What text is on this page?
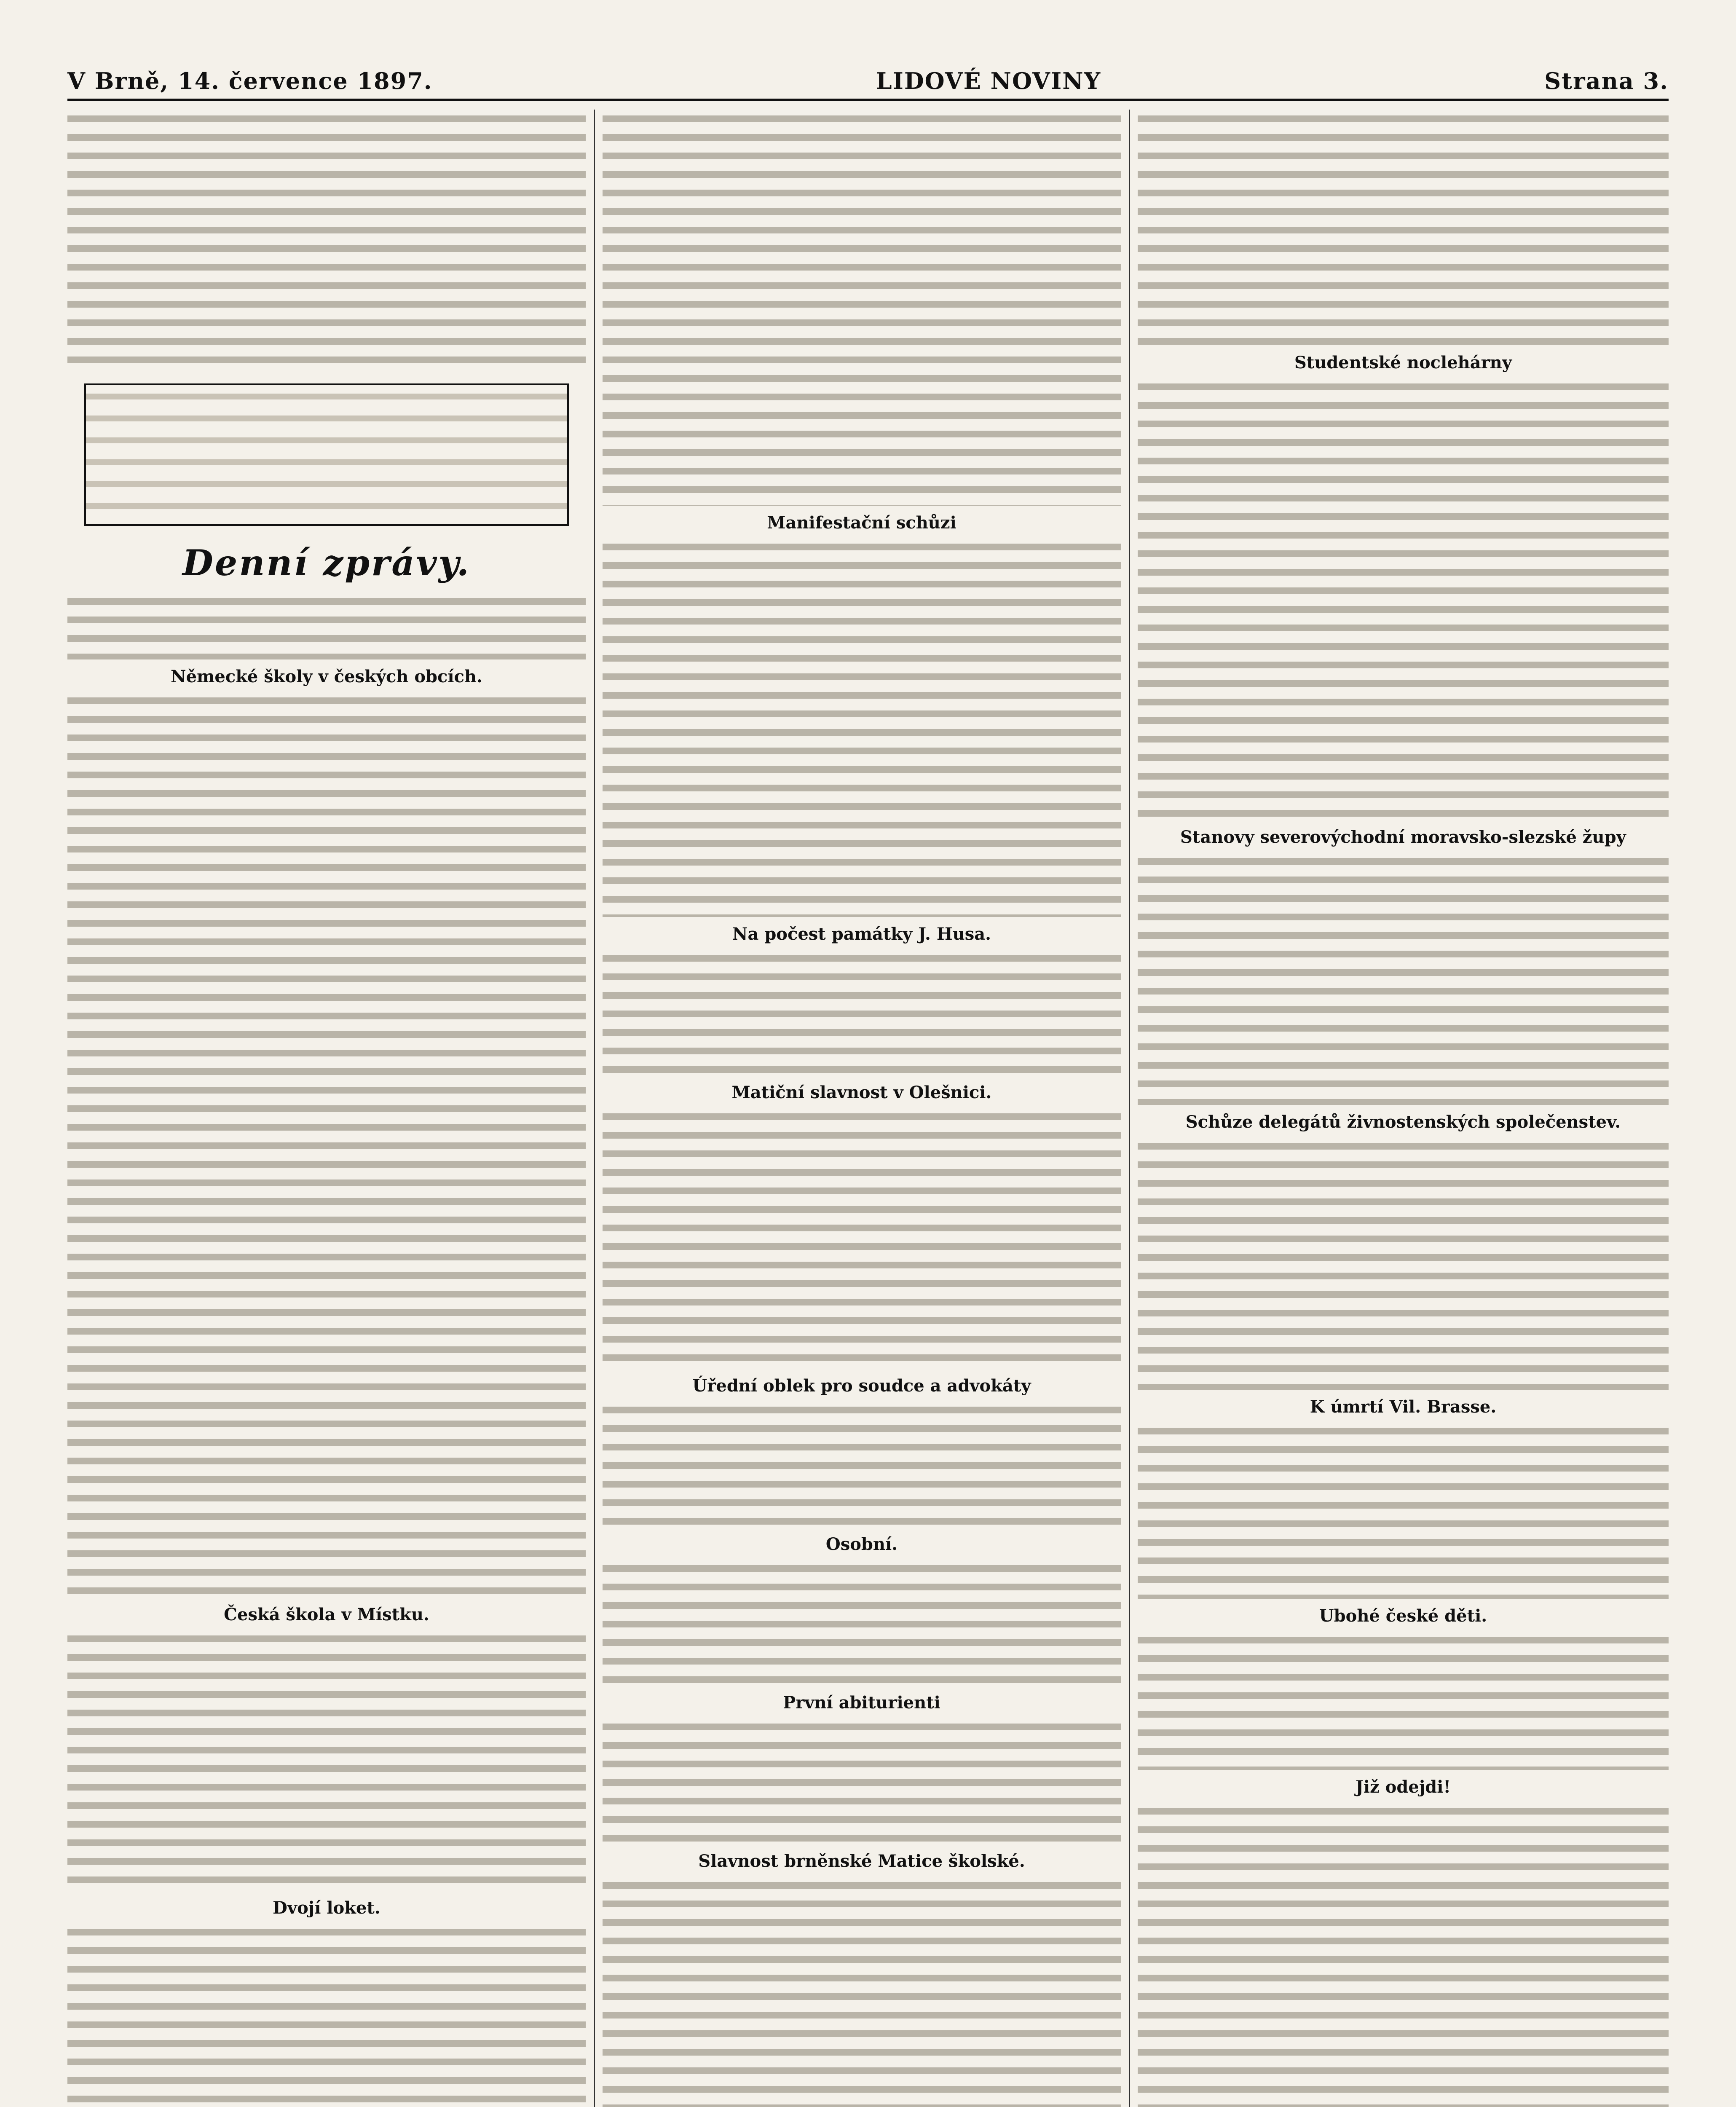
V Brně, 14. července 1897.	LIDOVÉ NOVINY	Strana 3.
Denní zprávy.
Německé školy v českých obcích.
Česká škola v Místku.
Dvojí loket.
Manifestační schůzi
Na počest památky J. Husa.
Matiční slavnost v Olešnici.
Úřední oblek pro soudce a advokáty
Osobní.
První abiturienti
Slavnost brněnské Matice školské.
Studentské noclehárny
Stanovy severovýchodní moravsko-slezské župy
Schůze delegátů živnostenských společenstev.
K úmrtí Vil. Brasse.
Ubohé české děti.
Již odejdi!
